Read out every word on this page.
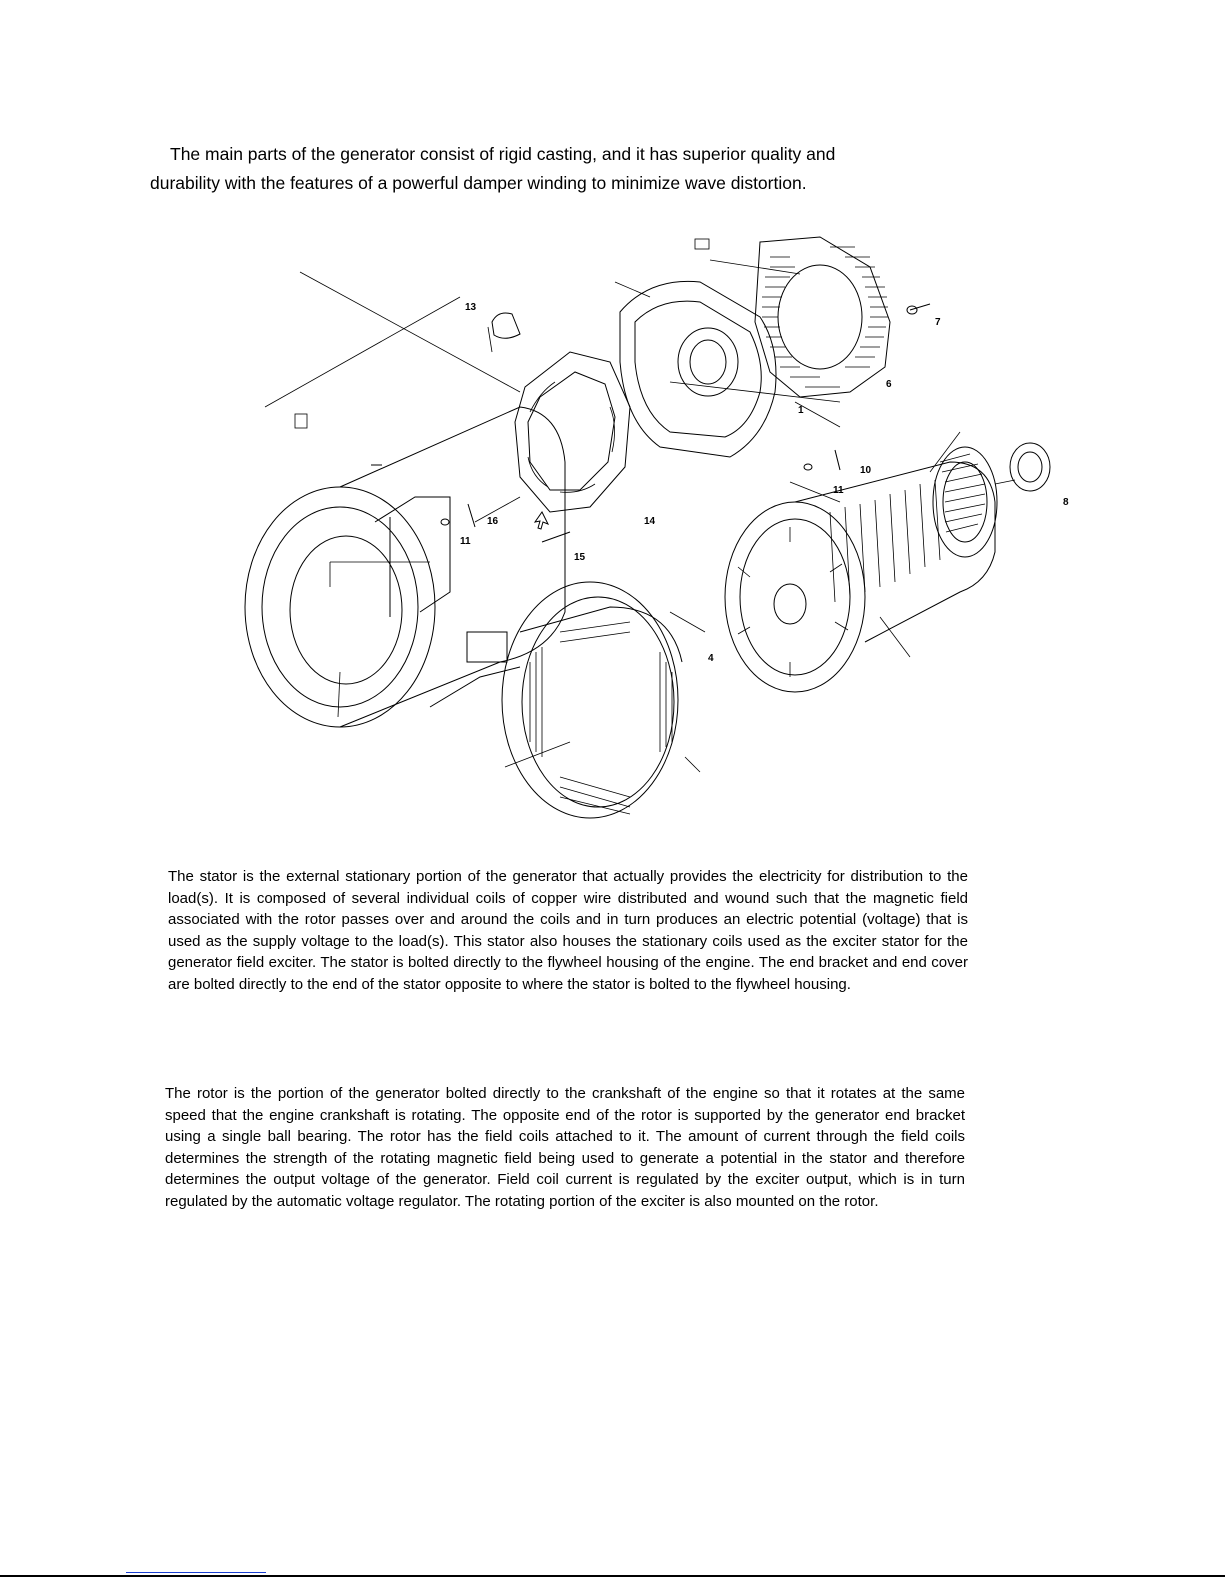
The main parts of the generator consist of rigid casting, and it has superior quality and
durability with the features of a powerful damper winding to minimize wave distortion.
13
7
6
1
10
11
16
11
15
14
4
8
The stator is the external stationary portion of the generator that actually provides the electricity for distribution to the load(s). It is composed of several individual coils of copper wire distributed and wound such that the magnetic field associated with the rotor passes over and around the coils and in turn produces an electric potential (voltage) that is used as the supply voltage to the load(s). This stator also houses the stationary coils used as the exciter stator for the generator field exciter. The stator is bolted directly to the flywheel housing of the engine. The end bracket and end cover are bolted directly to the end of the stator opposite to where the stator is bolted to the flywheel housing.
The rotor is the portion of the generator bolted directly to the crankshaft of the engine so that it rotates at the same speed that the engine crankshaft is rotating. The opposite end of the rotor is supported by the generator end bracket using a single ball bearing. The rotor has the field coils attached to it. The amount of current through the field coils determines the strength of the rotating magnetic field being used to generate a potential in the stator and therefore determines the output voltage of the generator. Field coil current is regulated by the exciter output, which is in turn regulated by the automatic voltage regulator. The rotating portion of the exciter is also mounted on the rotor.
